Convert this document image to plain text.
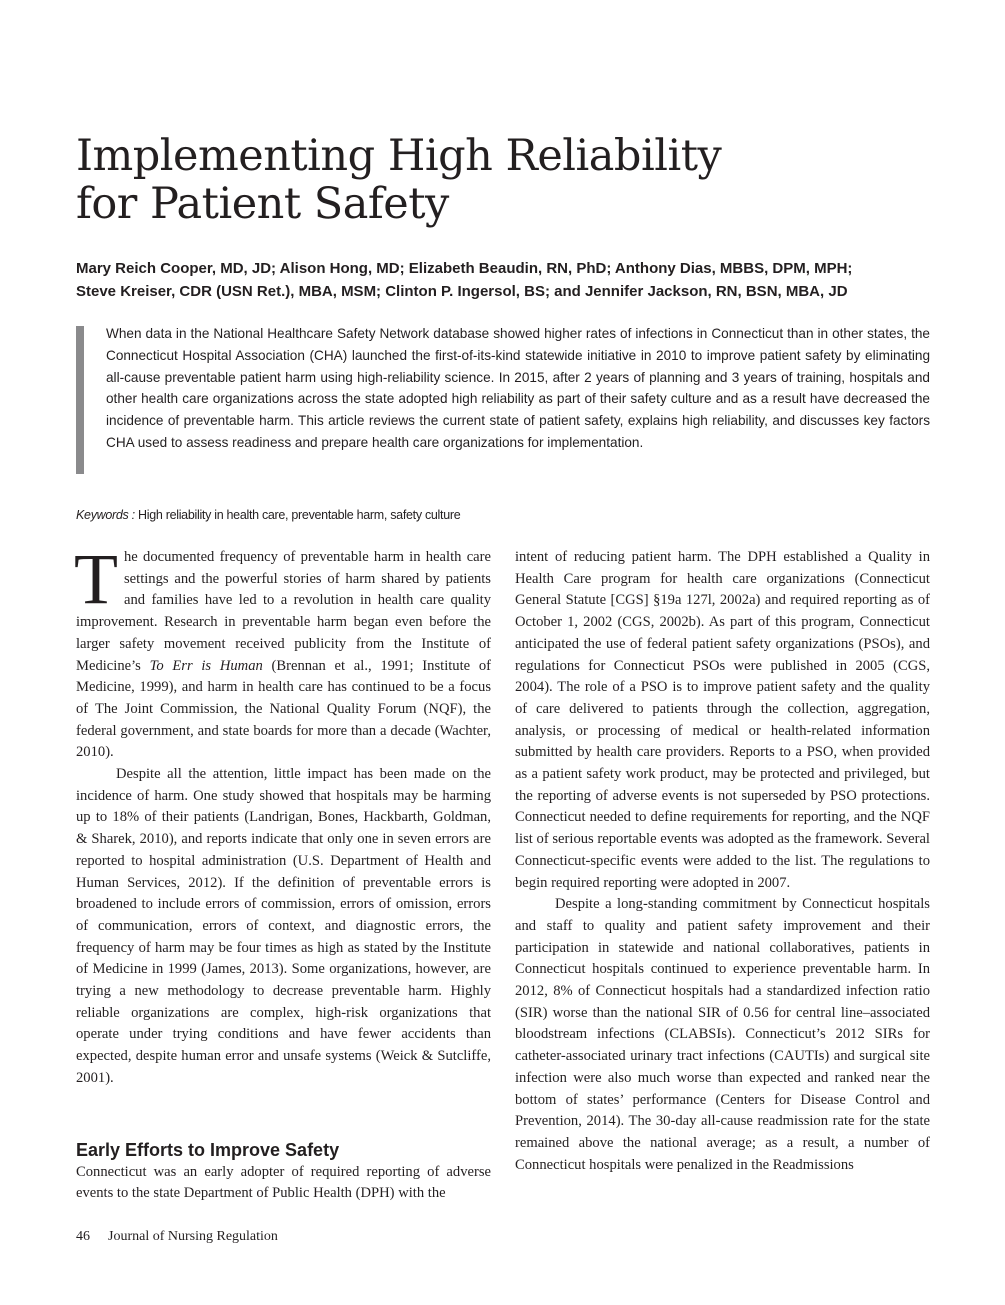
Implementing High Reliability
for Patient Safety
Mary Reich Cooper, MD, JD; Alison Hong, MD; Elizabeth Beaudin, RN, PhD; Anthony Dias, MBBS, DPM, MPH;
Steve Kreiser, CDR (USN Ret.), MBA, MSM; Clinton P. Ingersol, BS; and Jennifer Jackson, RN, BSN, MBA, JD

When data in the National Healthcare Safety Network database showed higher rates of infections in Connecticut than in other states, the Connecticut Hospital Association (CHA) launched the first-of-its-kind statewide initiative in 2010 to improve patient safety by eliminating all-cause preventable patient harm using high-reliability science. In 2015, after 2 years of planning and 3 years of training, hospitals and other health care organizations across the state adopted high reliability as part of their safety culture and as a result have decreased the incidence of preventable harm. This article reviews the current state of patient safety, explains high reliability, and discusses key factors CHA used to assess readiness and prepare health care organizations for implementation.

Keywords : High reliability in health care, preventable harm, safety culture

The documented frequency of preventable harm in health care settings and the powerful stories of harm shared by patients and families have led to a revolution in health care quality improvement. Research in preventable harm began even before the larger safety movement received publicity from the Institute of Medicine’s To Err is Human (Brennan et al., 1991; Institute of Medicine, 1999), and harm in health care has continued to be a focus of The Joint Commission, the National Quality Forum (NQF), the federal government, and state boards for more than a decade (Wachter, 2010).

Despite all the attention, little impact has been made on the incidence of harm. One study showed that hospitals may be harming up to 18% of their patients (Landrigan, Bones, Hackbarth, Goldman, & Sharek, 2010), and reports indicate that only one in seven errors are reported to hospital administration (U.S. Department of Health and Human Services, 2012). If the definition of preventable errors is broadened to include errors of commission, errors of omission, errors of communication, errors of context, and diagnostic errors, the frequency of harm may be four times as high as stated by the Institute of Medicine in 1999 (James, 2013). Some organizations, however, are trying a new methodology to decrease preventable harm. Highly reliable organizations are complex, high-risk organizations that operate under trying conditions and have fewer accidents than expected, despite human error and unsafe systems (Weick & Sutcliffe, 2001).

Early Efforts to Improve Safety

Connecticut was an early adopter of required reporting of adverse events to the state Department of Public Health (DPH) with the

intent of reducing patient harm. The DPH established a Quality in Health Care program for health care organizations (Connecticut General Statute [CGS] §19a 127l, 2002a) and required reporting as of October 1, 2002 (CGS, 2002b). As part of this program, Connecticut anticipated the use of federal patient safety organizations (PSOs), and regulations for Connecticut PSOs were published in 2005 (CGS, 2004). The role of a PSO is to improve patient safety and the quality of care delivered to patients through the collection, aggregation, analysis, or processing of medical or health-related information submitted by health care providers. Reports to a PSO, when provided as a patient safety work product, may be protected and privileged, but the reporting of adverse events is not superseded by PSO protections. Connecticut needed to define requirements for reporting, and the NQF list of serious reportable events was adopted as the framework. Several Connecticut-specific events were added to the list. The regulations to begin required reporting were adopted in 2007.

Despite a long-standing commitment by Connecticut hospitals and staff to quality and patient safety improvement and their participation in statewide and national collaboratives, patients in Connecticut hospitals continued to experience preventable harm. In 2012, 8% of Connecticut hospitals had a standardized infection ratio (SIR) worse than the national SIR of 0.56 for central line–associated bloodstream infections (CLABSIs). Connecticut’s 2012 SIRs for catheter-associated urinary tract infections (CAUTIs) and surgical site infection were also much worse than expected and ranked near the bottom of states’ performance (Centers for Disease Control and Prevention, 2014). The 30-day all-cause readmission rate for the state remained above the national average; as a result, a number of Connecticut hospitals were penalized in the Readmissions

46 Journal of Nursing Regulation
